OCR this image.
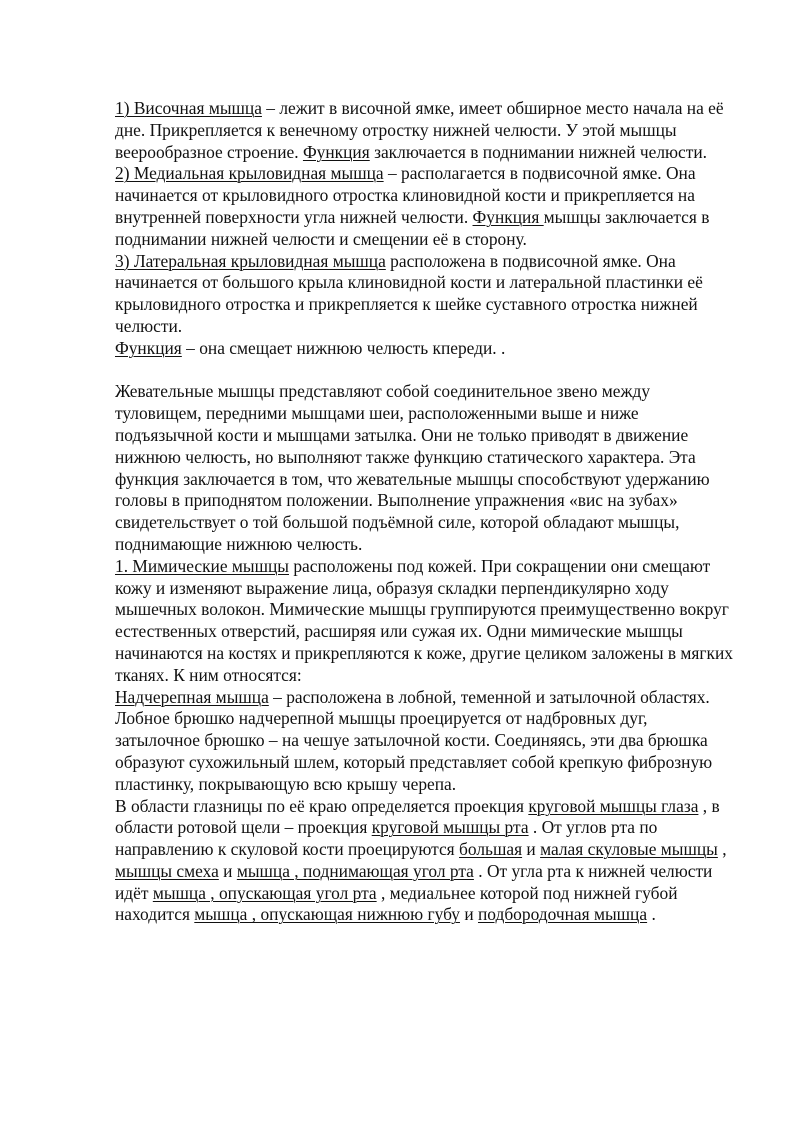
1) Височная мышца – лежит в височной ямке, имеет обширное место начала на её дне. Прикрепляется к венечному отростку нижней челюсти. У этой мышцы веерообразное строение. Функция заключается в поднимании нижней челюсти.

2) Медиальная крыловидная мышца – располагается в подвисочной ямке. Она начинается от крыловидного отростка клиновидной кости и прикрепляется на внутренней поверхности угла нижней челюсти. Функция мышцы заключается в поднимании нижней челюсти и смещении её в сторону.

3) Латеральная крыловидная мышца расположена в подвисочной ямке. Она начинается от большого крыла клиновидной кости и латеральной пластинки её крыловидного отростка и прикрепляется к шейке суставного отростка нижней челюсти.

Функция – она смещает нижнюю челюсть кпереди. .

Жевательные мышцы представляют собой соединительное звено между туловищем, передними мышцами шеи, расположенными выше и ниже подъязычной кости и мышцами затылка. Они не только приводят в движение нижнюю челюсть, но выполняют также функцию статического характера. Эта функция заключается в том, что жевательные мышцы способствуют удержанию головы в приподнятом положении. Выполнение упражнения «вис на зубах» свидетельствует о той большой подъёмной силе, которой обладают мышцы, поднимающие нижнюю челюсть.

1. Мимические мышцы расположены под кожей. При сокращении они смещают кожу и изменяют выражение лица, образуя складки перпендикулярно ходу мышечных волокон. Мимические мышцы группируются преимущественно вокруг естественных отверстий, расширяя или сужая их. Одни мимические мышцы начинаются на костях и прикрепляются к коже, другие целиком заложены в мягких тканях. К ним относятся:

Надчерепная мышца – расположена в лобной, теменной и затылочной областях. Лобное брюшко надчерепной мышцы проецируется от надбровных дуг, затылочное брюшко – на чешуе затылочной кости. Соединяясь, эти два брюшка образуют сухожильный шлем, который представляет собой крепкую фиброзную пластинку, покрывающую всю крышу черепа.

В области глазницы по её краю определяется проекция круговой мышцы глаза , в области ротовой щели – проекция круговой мышцы рта . От углов рта по направлению к скуловой кости проецируются большая и малая скуловые мышцы , мышцы смеха и мышца , поднимающая угол рта . От угла рта к нижней челюсти идёт мышца , опускающая угол рта , медиальнее которой под нижней губой находится мышца , опускающая нижнюю губу и подбородочная мышца .
